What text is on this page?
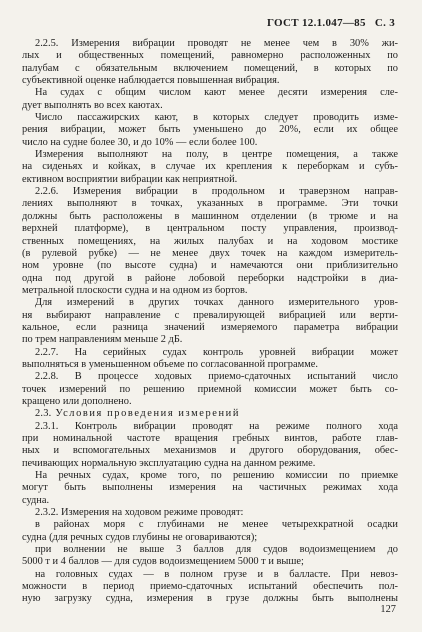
ГОСТ 12.1.047—85 С. 3
2.2.5. Измерения вибрации проводят не менее чем в 30% жи-
лых и общественных помещений, равномерно расположенных по
палубам с обязательным включением помещений, в которых по
субъективной оценке наблюдается повышенная вибрация.
На судах с общим числом кают менее десяти измерения сле-
дует выполнять во всех каютах.
Число пассажирских кают, в которых следует проводить изме-
рения вибрации, может быть уменьшено до 20%, если их общее
число на судне более 30, и до 10% — если более 100.
Измерения выполняют на полу, в центре помещения, а также
на сиденьях и койках, в случае их крепления к переборкам и субъ-
ективном восприятии вибрации как неприятной.
2.2.6. Измерения вибрации в продольном и траверзном направ-
лениях выполняют в точках, указанных в программе. Эти точки
должны быть расположены в машинном отделении (в трюме и на
верхней платформе), в центральном посту управления, производ-
ственных помещениях, на жилых палубах и на ходовом мостике
(в рулевой рубке) — не менее двух точек на каждом измеритель-
ном уровне (по высоте судна) и намечаются они приблизительно
одна под другой в районе лобовой переборки надстройки в диа-
метральной плоскости судна и на одном из бортов.
Для измерений в других точках данного измерительного уров-
ня выбирают направление с превалирующей вибрацией или верти-
кальное, если разница значений измеряемого параметра вибрации
по трем направлениям меньше 2 дБ.
2.2.7. На серийных судах контроль уровней вибрации может
выполняться в уменьшенном объеме по согласованной программе.
2.2.8. В процессе ходовых приемо-сдаточных испытаний число
точек измерений по решению приемной комиссии может быть со-
кращено или дополнено.
2.3. Условия проведения измерений
2.3.1. Контроль вибрации проводят на режиме полного хода
при номинальной частоте вращения гребных винтов, работе глав-
ных и вспомогательных механизмов и другого оборудования, обес-
печивающих нормальную эксплуатацию судна на данном режиме.
На речных судах, кроме того, по решению комиссии по приемке
могут быть выполнены измерения на частичных режимах хода
судна.
2.3.2. Измерения на ходовом режиме проводят:
в районах моря с глубинами не менее четырехкратной осадки
судна (для речных судов глубины не оговариваются);
при волнении не выше 3 баллов для судов водоизмещением до
5000 т и 4 баллов — для судов водоизмещением 5000 т и выше;
на головных судах — в полном грузе и в балласте. При невоз-
можности в период приемо-сдаточных испытаний обеспечить пол-
ную загрузку судна, измерения в грузе должны быть выполнены
127
